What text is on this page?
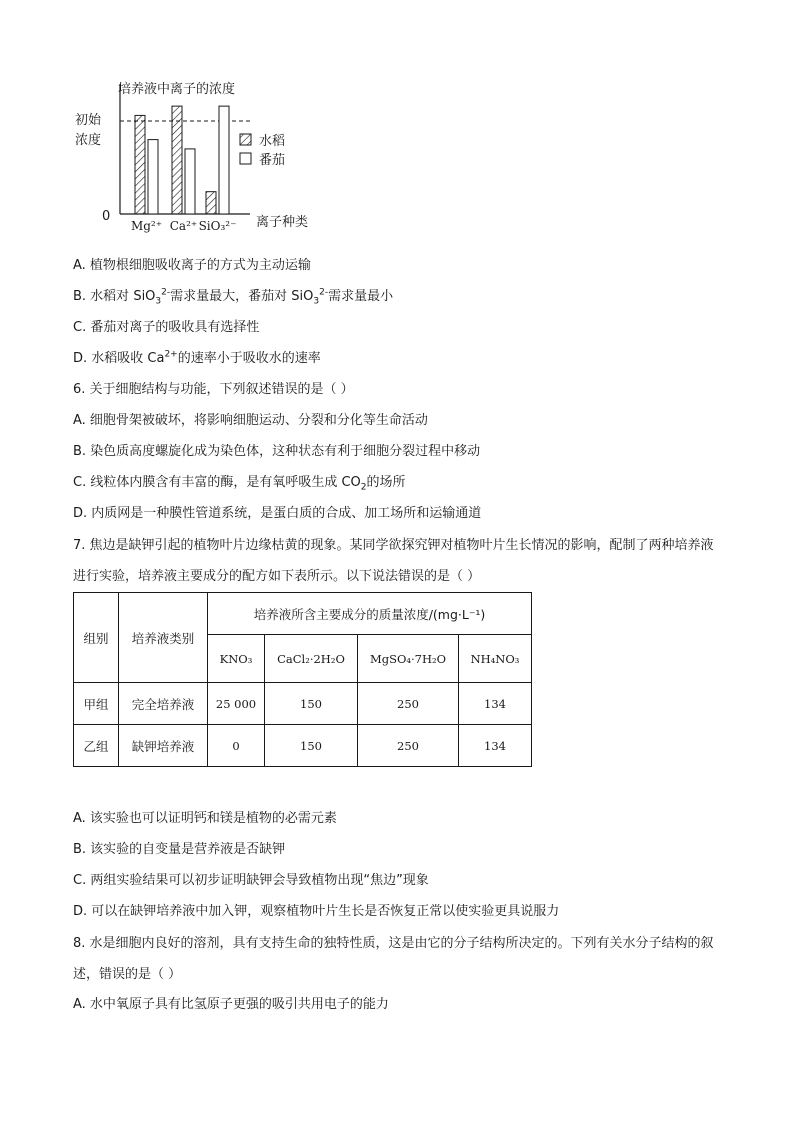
培养液中离子的浓度
初始
浓度
0
Mg²⁺ Ca²⁺ SiO₃²⁻ 离子种类
水稻
番茄
A. 植物根细胞吸收离子的方式为主动运输
B. 水稻对 SiO$_3^{2-}$需求量最大，番茄对 SiO$_3^{2-}$需求量最小
C. 番茄对离子的吸收具有选择性
D. 水稻吸收 $Ca^{2+}$的速率小于吸收水的速率
6. 关于细胞结构与功能，下列叙述错误的是（ ）
A. 细胞骨架被破坏，将影响细胞运动、分裂和分化等生命活动
B. 染色质高度螺旋化成为染色体，这种状态有利于细胞分裂过程中移动
C. 线粒体内膜含有丰富的酶，是有氧呼吸生成 $CO_2$的场所
D. 内质网是一种膜性管道系统，是蛋白质的合成、加工场所和运输通道
7. 焦边是缺钾引起的植物叶片边缘枯黄的现象。某同学欲探究钾对植物叶片生长情况的影响，配制了两种培养液进行实验，培养液主要成分的配方如下表所示。以下说法错误的是（ ）
组别	培养液类别	培养液所含主要成分的质量浓度/(mg·L⁻¹)			
		KNO₃	CaCl₂·2H₂O	MgSO₄·7H₂O	NH₄NO₃
甲组	完全培养液	25 000	150	250	134
乙组	缺钾培养液	0	150	250	134
A. 该实验也可以证明钙和镁是植物的必需元素
B. 该实验的自变量是营养液是否缺钾
C. 两组实验结果可以初步证明缺钾会导致植物出现“焦边”现象
D. 可以在缺钾培养液中加入钾，观察植物叶片生长是否恢复正常以使实验更具说服力
8. 水是细胞内良好的溶剂，具有支持生命的独特性质，这是由它的分子结构所决定的。下列有关水分子结构的叙述，错误的是（ ）
A. 水中氧原子具有比氢原子更强的吸引共用电子的能力
